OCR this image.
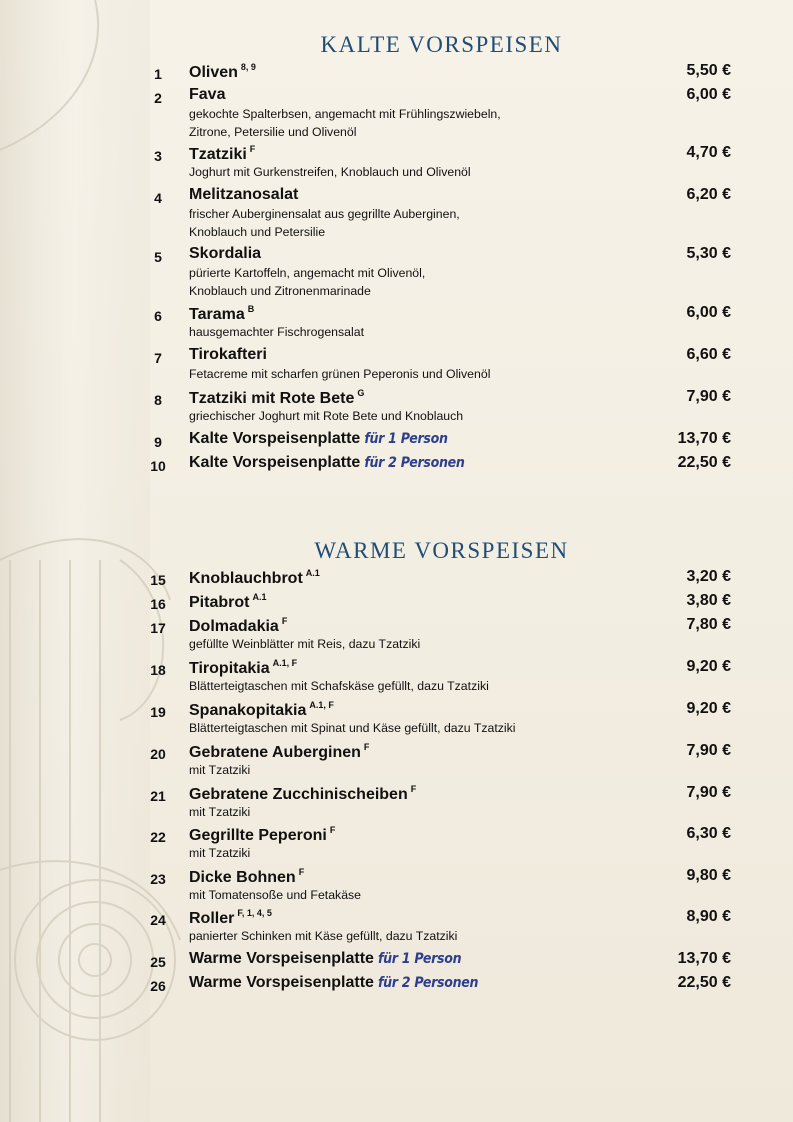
KALTE VORSPEISEN
1	Oliven $^{8, 9}$	5,50 €
2	Fava	6,00 €
gekochte Spalterbsen, angemacht mit Frühlingszwiebeln,
Zitrone, Petersilie und Olivenöl
3	Tzatziki $^F$	4,70 €
Joghurt mit Gurkenstreifen, Knoblauch und Olivenöl
4	Melitzanosalat	6,20 €
frischer Auberginensalat aus gegrillte Auberginen,
Knoblauch und Petersilie
5	Skordalia	5,30 €
pürierte Kartoffeln, angemacht mit Olivenöl,
Knoblauch und Zitronenmarinade
6	Tarama $^B$	6,00 €
hausgemachter Fischrogensalat
7	Tirokafteri	6,60 €
Fetacreme mit scharfen grünen Peperonis und Olivenöl
8	Tzatziki mit Rote Bete $^G$	7,90 €
griechischer Joghurt mit Rote Bete und Knoblauch
9	Kalte Vorspeisenplatte für 1 Person	13,70 €
10	Kalte Vorspeisenplatte für 2 Personen	22,50 €
WARME VORSPEISEN
15	Knoblauchbrot $^{A.1}$	3,20 €
16	Pitabrot $^{A.1}$	3,80 €
17	Dolmadakia $^F$	7,80 €
gefüllte Weinblätter mit Reis, dazu Tzatziki
18	Tiropitakia $^{A.1, F}$	9,20 €
Blätterteigtaschen mit Schafskäse gefüllt, dazu Tzatziki
19	Spanakopitakia $^{A.1, F}$	9,20 €
Blätterteigtaschen mit Spinat und Käse gefüllt, dazu Tzatziki
20	Gebratene Auberginen $^F$	7,90 €
mit Tzatziki
21	Gebratene Zucchinischeiben $^F$	7,90 €
mit Tzatziki
22	Gegrillte Peperoni $^F$	6,30 €
mit Tzatziki
23	Dicke Bohnen $^F$	9,80 €
mit Tomatensoße und Fetakäse
24	Roller $^{F, 1, 4, 5}$	8,90 €
panierter Schinken mit Käse gefüllt, dazu Tzatziki
25	Warme Vorspeisenplatte für 1 Person	13,70 €
26	Warme Vorspeisenplatte für 2 Personen	22,50 €
